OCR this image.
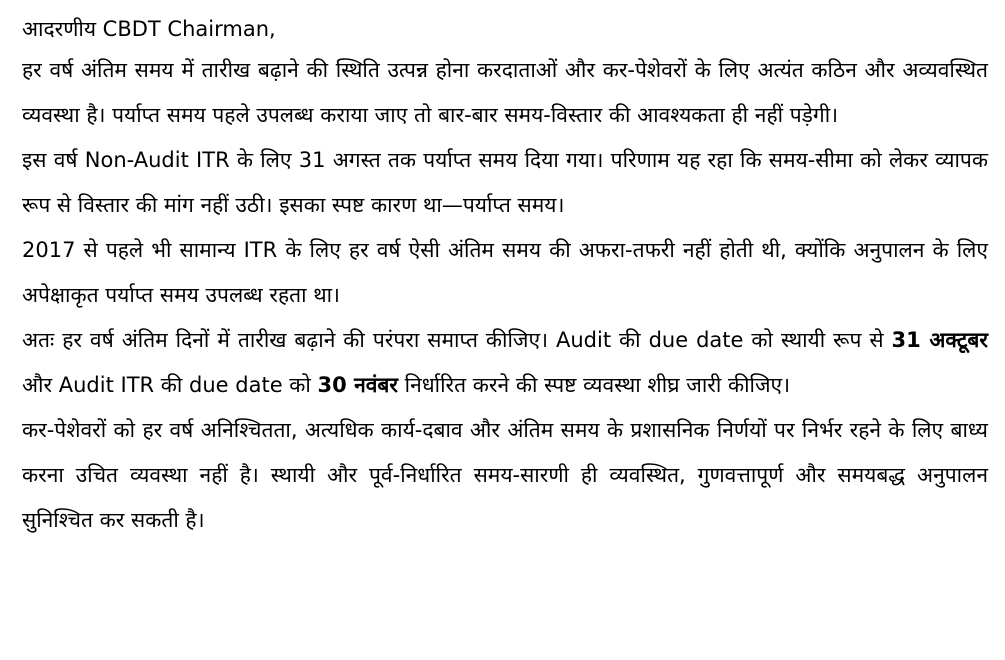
आदरणीय CBDT Chairman,

हर वर्ष अंतिम समय में तारीख बढ़ाने की स्थिति उत्पन्न होना करदाताओं और कर-पेशेवरों के लिए अत्यंत कठिन और अव्यवस्थित व्यवस्था है। पर्याप्त समय पहले उपलब्ध कराया जाए तो बार-बार समय-विस्तार की आवश्यकता ही नहीं पड़ेगी।

इस वर्ष Non-Audit ITR के लिए 31 अगस्त तक पर्याप्त समय दिया गया। परिणाम यह रहा कि समय-सीमा को लेकर व्यापक रूप से विस्तार की मांग नहीं उठी। इसका स्पष्ट कारण था—पर्याप्त समय।

2017 से पहले भी सामान्य ITR के लिए हर वर्ष ऐसी अंतिम समय की अफरा-तफरी नहीं होती थी, क्योंकि अनुपालन के लिए अपेक्षाकृत पर्याप्त समय उपलब्ध रहता था।

अतः हर वर्ष अंतिम दिनों में तारीख बढ़ाने की परंपरा समाप्त कीजिए। Audit की due date को स्थायी रूप से 31 अक्टूबर और Audit ITR की due date को 30 नवंबर निर्धारित करने की स्पष्ट व्यवस्था शीघ्र जारी कीजिए।

कर-पेशेवरों को हर वर्ष अनिश्चितता, अत्यधिक कार्य-दबाव और अंतिम समय के प्रशासनिक निर्णयों पर निर्भर रहने के लिए बाध्य करना उचित व्यवस्था नहीं है। स्थायी और पूर्व-निर्धारित समय-सारणी ही व्यवस्थित, गुणवत्तापूर्ण और समयबद्ध अनुपालन सुनिश्चित कर सकती है।
